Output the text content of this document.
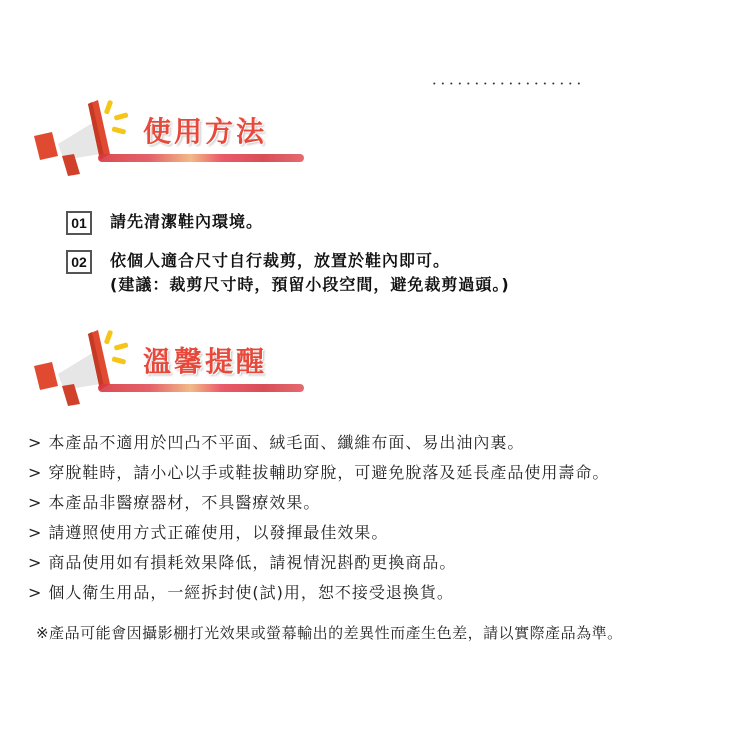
．．．．．．．．．．．．．．．．．．
使用方法
01	請先清潔鞋內環境。
02	依個人適合尺寸自行裁剪，放置於鞋內即可。
(建議：裁剪尺寸時，預留小段空間，避免裁剪過頭。)
溫馨提醒
> 本產品不適用於凹凸不平面、絨毛面、纖維布面、易出油內裏。
> 穿脫鞋時，請小心以手或鞋拔輔助穿脫，可避免脫落及延長產品使用壽命。
> 本產品非醫療器材，不具醫療效果。
> 請遵照使用方式正確使用，以發揮最佳效果。
> 商品使用如有損耗效果降低，請視情況斟酌更換商品。
> 個人衛生用品，一經拆封使(試)用，恕不接受退換貨。
※產品可能會因攝影棚打光效果或螢幕輸出的差異性而產生色差，請以實際產品為準。
